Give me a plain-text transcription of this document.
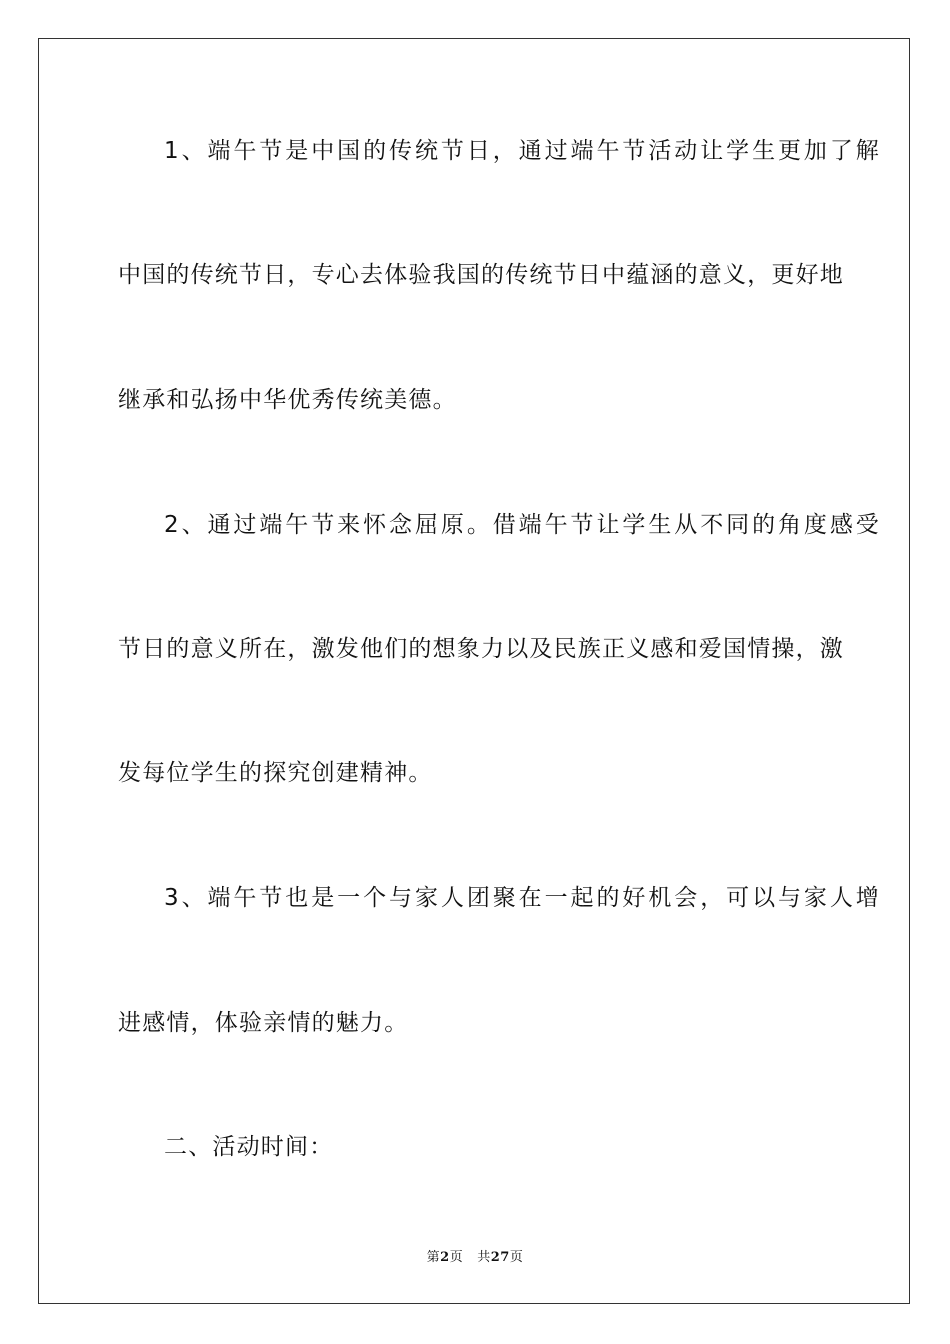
1、端午节是中国的传统节日，通过端午节活动让学生更加了解
中国的传统节日，专心去体验我国的传统节日中蕴涵的意义，更好地
继承和弘扬中华优秀传统美德。
2、通过端午节来怀念屈原。借端午节让学生从不同的角度感受
节日的意义所在，激发他们的想象力以及民族正义感和爱国情操，激
发每位学生的探究创建精神。
3、端午节也是一个与家人团聚在一起的好机会，可以与家人增
进感情，体验亲情的魅力。
二、活动时间：
第2页 共27页
